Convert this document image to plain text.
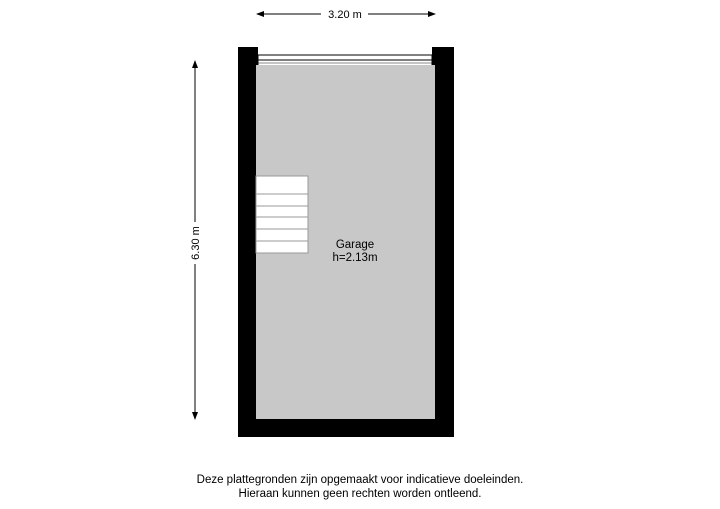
3.20 m
6.30 m	Garage
h=2.13m
Deze plattegronden zijn opgemaakt voor indicatieve doeleinden.
Hieraan kunnen geen rechten worden ontleend.
